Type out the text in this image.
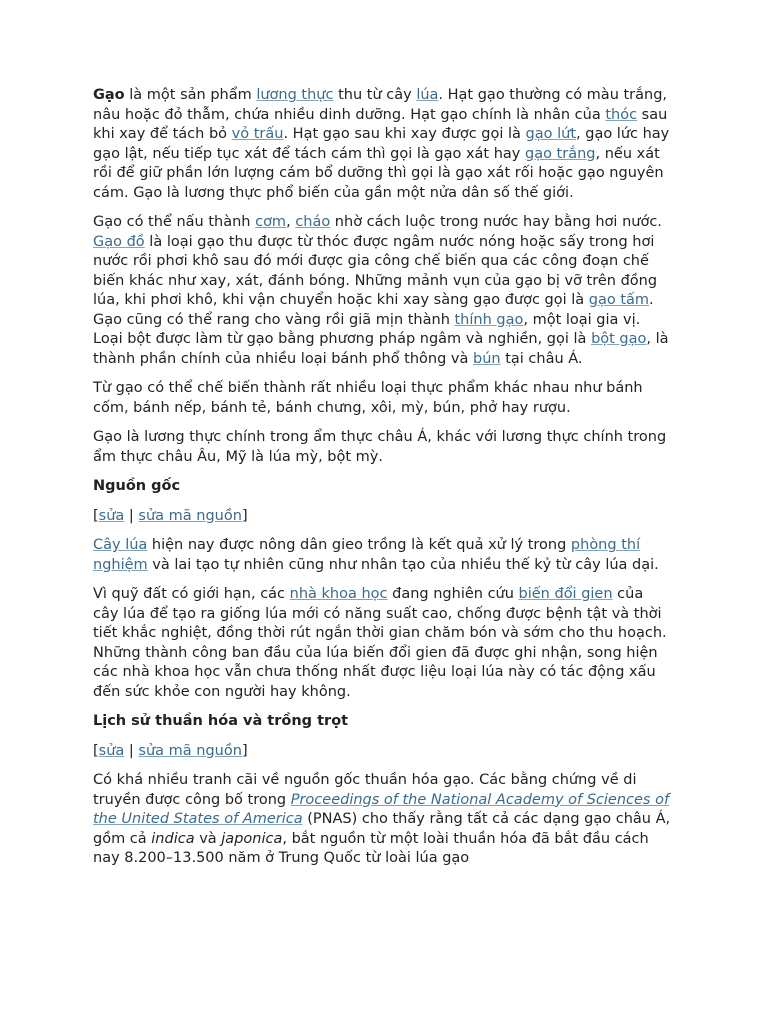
Gạo là một sản phẩm lương thực thu từ cây lúa. Hạt gạo thường có màu trắng, nâu hoặc đỏ thẫm, chứa nhiều dinh dưỡng. Hạt gạo chính là nhân của thóc sau khi xay để tách bỏ vỏ trấu. Hạt gạo sau khi xay được gọi là gạo lứt, gạo lức hay gạo lật, nếu tiếp tục xát để tách cám thì gọi là gạo xát hay gạo trắng, nếu xát rồi để giữ phần lớn lượng cám bổ dưỡng thì gọi là gạo xát rối hoặc gạo nguyên cám. Gạo là lương thực phổ biến của gần một nửa dân số thế giới.

Gạo có thể nấu thành cơm, cháo nhờ cách luộc trong nước hay bằng hơi nước. Gạo đồ là loại gạo thu được từ thóc được ngâm nước nóng hoặc sấy trong hơi nước rồi phơi khô sau đó mới được gia công chế biến qua các công đoạn chế biến khác như xay, xát, đánh bóng. Những mảnh vụn của gạo bị vỡ trên đồng lúa, khi phơi khô, khi vận chuyển hoặc khi xay sàng gạo được gọi là gạo tấm. Gạo cũng có thể rang cho vàng rồi giã mịn thành thính gạo, một loại gia vị. Loại bột được làm từ gạo bằng phương pháp ngâm và nghiền, gọi là bột gạo, là thành phần chính của nhiều loại bánh phổ thông và bún tại châu Á.

Từ gạo có thể chế biến thành rất nhiều loại thực phẩm khác nhau như bánh cốm, bánh nếp, bánh tẻ, bánh chưng, xôi, mỳ, bún, phở hay rượu.

Gạo là lương thực chính trong ẩm thực châu Á, khác với lương thực chính trong ẩm thực châu Âu, Mỹ là lúa mỳ, bột mỳ.

Nguồn gốc

[sửa | sửa mã nguồn]

Cây lúa hiện nay được nông dân gieo trồng là kết quả xử lý trong phòng thí nghiệm và lai tạo tự nhiên cũng như nhân tạo của nhiều thế kỷ từ cây lúa dại.

Vì quỹ đất có giới hạn, các nhà khoa học đang nghiên cứu biến đổi gien của cây lúa để tạo ra giống lúa mới có năng suất cao, chống được bệnh tật và thời tiết khắc nghiệt, đồng thời rút ngắn thời gian chăm bón và sớm cho thu hoạch. Những thành công ban đầu của lúa biến đổi gien đã được ghi nhận, song hiện các nhà khoa học vẫn chưa thống nhất được liệu loại lúa này có tác động xấu đến sức khỏe con người hay không.

Lịch sử thuần hóa và trồng trọt

[sửa | sửa mã nguồn]

Có khá nhiều tranh cãi về nguồn gốc thuần hóa gạo. Các bằng chứng về di truyền được công bố trong Proceedings of the National Academy of Sciences of the United States of America (PNAS) cho thấy rằng tất cả các dạng gạo châu Á, gồm cả indica và japonica, bắt nguồn từ một loài thuần hóa đã bắt đầu cách nay 8.200–13.500 năm ở Trung Quốc từ loài lúa gạo
